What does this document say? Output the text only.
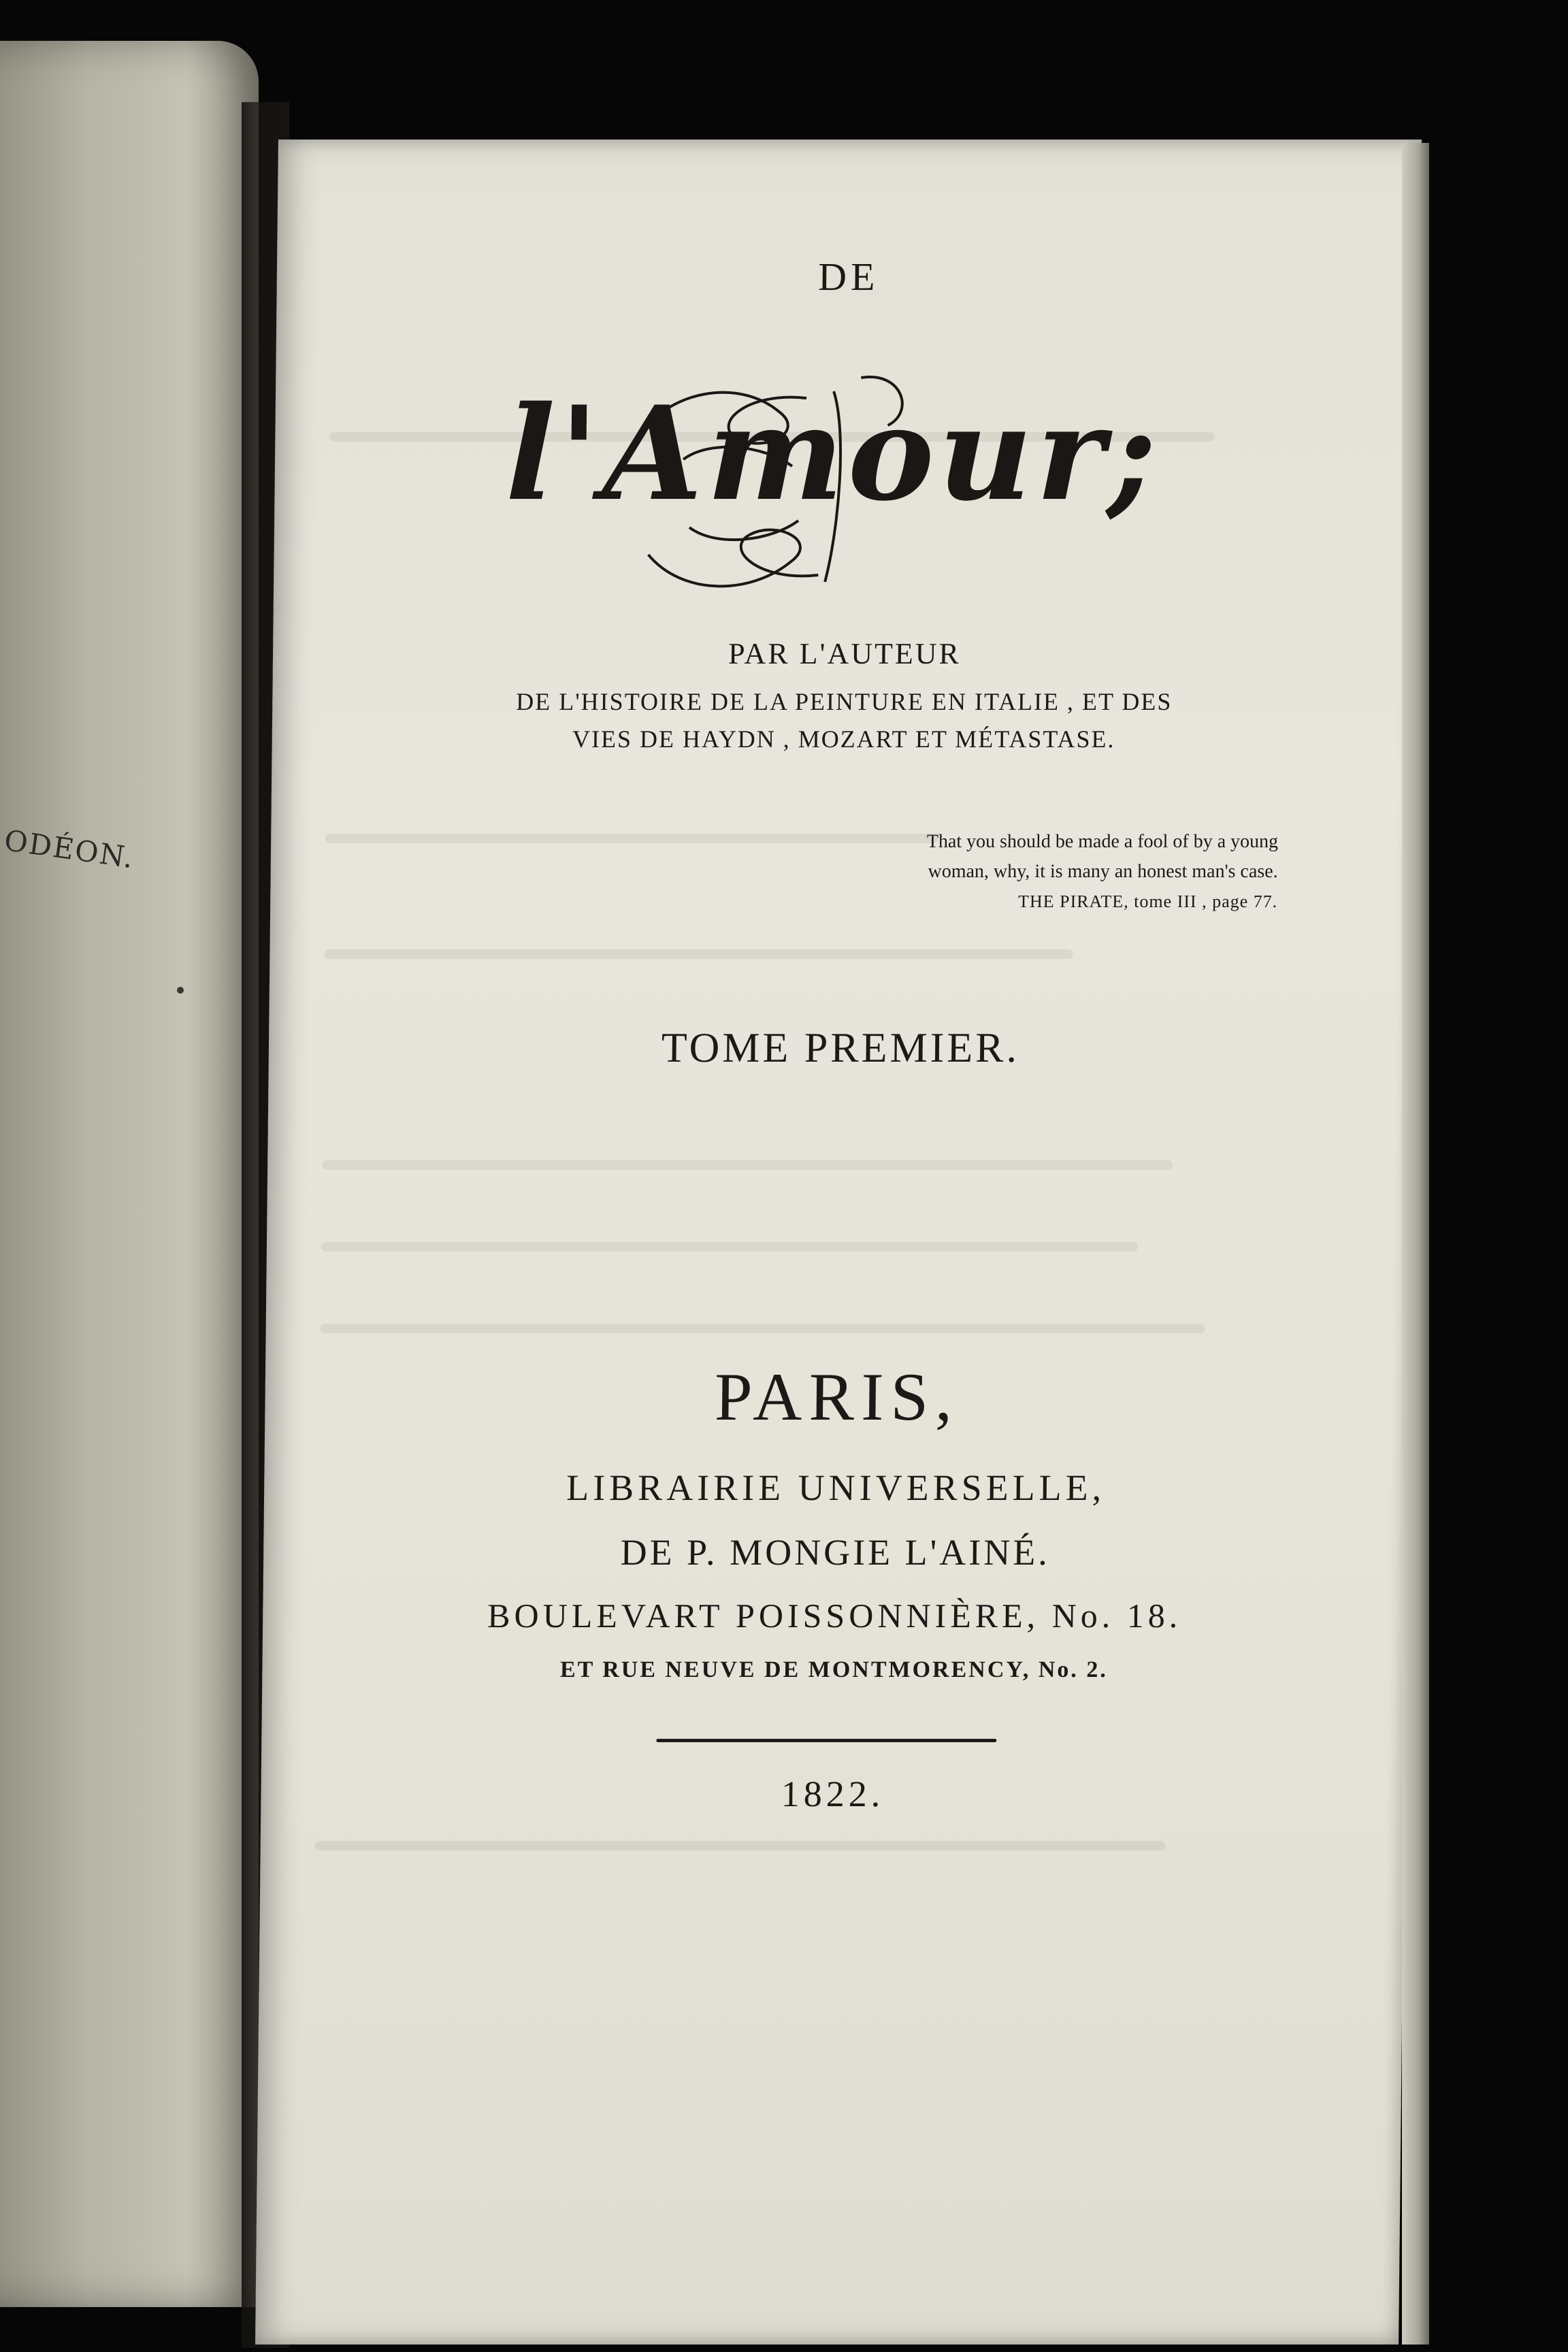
ODÉON.
DE
l'Amour;
PAR L'AUTEUR
DE L'HISTOIRE DE LA PEINTURE EN ITALIE , ET DES
VIES DE HAYDN , MOZART ET MÉTASTASE.
That you should be made a fool of by a young
woman, why, it is many an honest man's case.
THE PIRATE, tome III , page 77.
TOME PREMIER.
PARIS,
LIBRAIRIE UNIVERSELLE,
DE P. MONGIE L'AINÉ.
BOULEVART POISSONNIÈRE, No. 18.
ET RUE NEUVE DE MONTMORENCY, No. 2.
1822.
